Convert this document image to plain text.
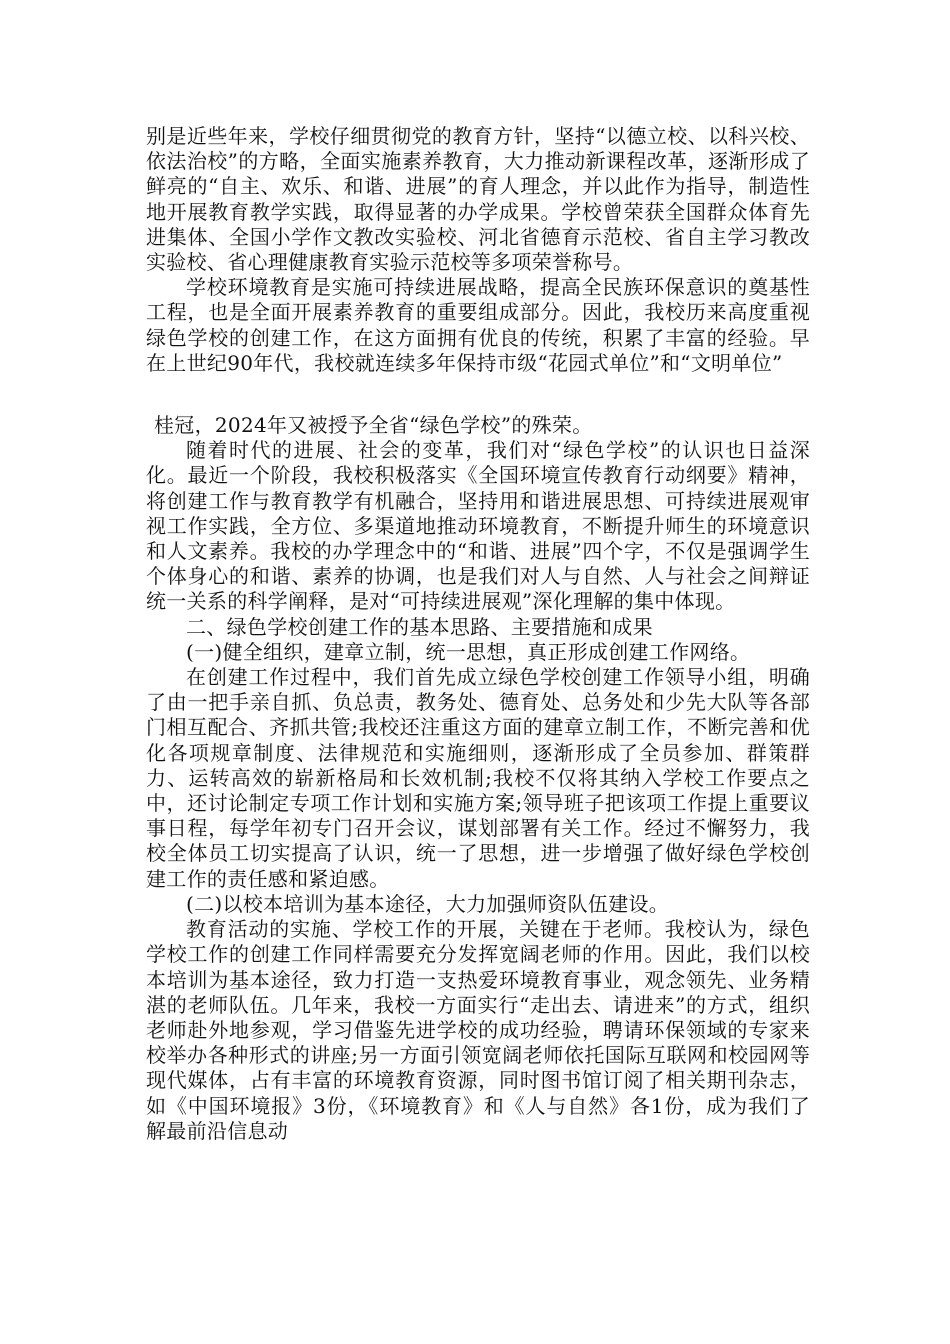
别是近些年来，学校仔细贯彻党的教育方针，坚持“以德立校、以科兴校、依法治校”的方略，全面实施素养教育，大力推动新课程改革，逐渐形成了鲜亮的“自主、欢乐、和谐、进展”的育人理念，并以此作为指导，制造性地开展教育教学实践，取得显著的办学成果。学校曾荣获全国群众体育先进集体、全国小学作文教改实验校、河北省德育示范校、省自主学习教改实验校、省心理健康教育实验示范校等多项荣誉称号。

学校环境教育是实施可持续进展战略，提高全民族环保意识的奠基性工程，也是全面开展素养教育的重要组成部分。因此，我校历来高度重视绿色学校的创建工作，在这方面拥有优良的传统，积累了丰富的经验。早在上世纪90年代，我校就连续多年保持市级“花园式单位”和“文明单位”

桂冠，2024年又被授予全省“绿色学校”的殊荣。

随着时代的进展、社会的变革，我们对“绿色学校”的认识也日益深化。最近一个阶段，我校积极落实《全国环境宣传教育行动纲要》精神，将创建工作与教育教学有机融合，坚持用和谐进展思想、可持续进展观审视工作实践，全方位、多渠道地推动环境教育，不断提升师生的环境意识和人文素养。我校的办学理念中的“和谐、进展”四个字，不仅是强调学生个体身心的和谐、素养的协调，也是我们对人与自然、人与社会之间辩证统一关系的科学阐释，是对“可持续进展观”深化理解的集中体现。

二、绿色学校创建工作的基本思路、主要措施和成果

(一)健全组织，建章立制，统一思想，真正形成创建工作网络。

在创建工作过程中，我们首先成立绿色学校创建工作领导小组，明确了由一把手亲自抓、负总责，教务处、德育处、总务处和少先大队等各部门相互配合、齐抓共管;我校还注重这方面的建章立制工作，不断完善和优化各项规章制度、法律规范和实施细则，逐渐形成了全员参加、群策群力、运转高效的崭新格局和长效机制;我校不仅将其纳入学校工作要点之中，还讨论制定专项工作计划和实施方案;领导班子把该项工作提上重要议事日程，每学年初专门召开会议，谋划部署有关工作。经过不懈努力，我校全体员工切实提高了认识，统一了思想，进一步增强了做好绿色学校创建工作的责任感和紧迫感。

(二)以校本培训为基本途径，大力加强师资队伍建设。

教育活动的实施、学校工作的开展，关键在于老师。我校认为，绿色学校工作的创建工作同样需要充分发挥宽阔老师的作用。因此，我们以校本培训为基本途径，致力打造一支热爱环境教育事业，观念领先、业务精湛的老师队伍。几年来，我校一方面实行“走出去、请进来”的方式，组织老师赴外地参观，学习借鉴先进学校的成功经验，聘请环保领域的专家来校举办各种形式的讲座;另一方面引领宽阔老师依托国际互联网和校园网等现代媒体，占有丰富的环境教育资源，同时图书馆订阅了相关期刊杂志，如《中国环境报》3份，《环境教育》和《人与自然》各1份，成为我们了解最前沿信息动
